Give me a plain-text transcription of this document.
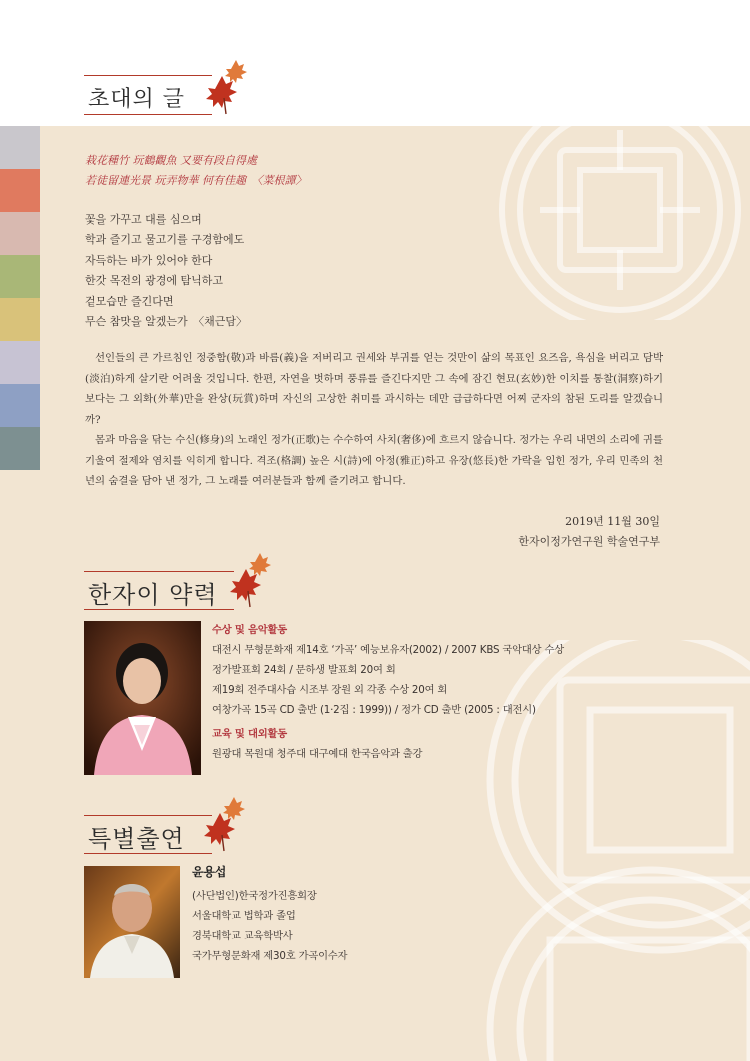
초대의 글
栽花種竹 玩鶴觀魚 又要有段自得處
若徒留連光景 玩弄物華 何有佳趣　〈菜根譚〉
꽃을 가꾸고 대를 심으며
학과 즐기고 물고기를 구경함에도
자득하는 바가 있어야 한다
한갓 목전의 광경에 탐닉하고
겉모습만 즐긴다면
무슨 참맛을 알겠는가　〈채근담〉
선인들의 큰 가르침인 정중함(敬)과 바름(義)을 저버리고 권세와 부귀를 얻는 것만이 삶의 목표인 요즈음, 욕심을 버리고 담박(淡泊)하게 살기란 어려울 것입니다. 한편, 자연을 벗하며 풍류를 즐긴다지만 그 속에 잠긴 현묘(玄妙)한 이치를 통찰(洞察)하기보다는 그 외화(外華)만을 완상(玩賞)하며 자신의 고상한 취미를 과시하는 데만 급급하다면 어찌 군자의 참된 도리를 알겠습니까?
몸과 마음을 닦는 수신(修身)의 노래인 정가(正歌)는 수수하여 사치(奢侈)에 흐르지 않습니다. 정가는 우리 내면의 소리에 귀를 기울여 절제와 염치를 익히게 합니다. 격조(格調) 높은 시(詩)에 아정(雅正)하고 유장(悠長)한 가락을 입힌 정가, 우리 민족의 천 년의 숨결을 담아 낸 정가, 그 노래를 여러분들과 함께 즐기려고 합니다.
2019년 11월 30일
한자이정가연구원 학술연구부
한자이 약력
수상 및 음악활동
대전시 무형문화재 제14호 ‘가곡’ 예능보유자(2002) / 2007 KBS 국악대상 수상
정가발표회 24회 / 문하생 발표회 20여 회
제19회 전주대사습 시조부 장원 외 각종 수상 20여 회
여창가곡 15곡 CD 출반 (1·2집 : 1999)) / 정가 CD 출반 (2005 : 대전시)
교육 및 대외활동
원광대 목원대 청주대 대구예대 한국음악과 출강
특별출연
윤용섭
(사단법인)한국정가진흥회장
서울대학교 법학과 졸업
경북대학교 교육학박사
국가무형문화재 제30호 가곡이수자
